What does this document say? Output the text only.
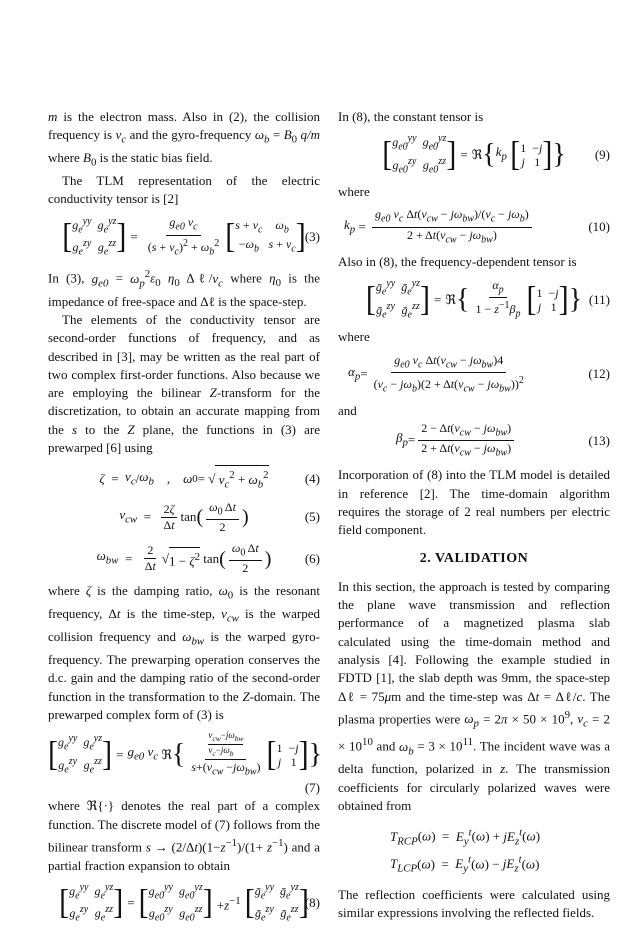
m is the electron mass. Also in (2), the collision frequency is $\nu_c$ and the gyro-frequency $\omega_b = B_0$ q/m where $B_0$ is the static bias field.

The TLM representation of the electric conductivity tensor is [2]

[ $g_e^{yy}$ $g_e^{yz}$
$g_e^{zy}$ $g_e^{zz}$ ] = $\frac{g_{e0} \nu_c}{(s + \nu_c)^2 + \omega_b^2}$ [ $s + \nu_c$	$\omega_b$
$-\omega_b$ $s + \nu_c$ ] (3)

In (3), $g_{e0} = \omega_p^2\varepsilon_0$ $\eta_0$ $\Delta\ell/\nu_c$ where $\eta_0$ is the impedance of free-space and Δℓ is the space-step.

The elements of the conductivity tensor are second-order functions of frequency, and as described in [3], may be written as the real part of two complex first-order functions. Also because we are employing the bilinear Z-transform for the discretization, to obtain an accurate mapping from the s to the Z plane, the functions in (3) are prewarped [6] using

$\zeta = \nu_c / \omega_b$ , ω 0 = √ $\nu_c^2 + \omega_b^2$	(4)
$\nu_{cw} = \frac{2\zeta}{\Delta t}$ tan ( $\frac{\omega_0 \Delta t}{2}$ )	(5)
$\omega_{bw} = \frac{2}{\Delta t}$ √ $1 - \zeta^2$ tan ( $\frac{\omega_0 \Delta t}{2}$ )	(6)

where ζ is the damping ratio, $\omega_0$ is the resonant frequency, Δt is the time-step, $\nu_{cw}$ is the warped collision frequency and $\omega_{bw}$ is the warped gyro-frequency. The prewarping operation conserves the d.c. gain and the damping ratio of the second-order function in the transformation to the Z-domain. The prewarped complex form of (3) is

[ $g_e^{yy}$ $g_e^{yz}$
$g_e^{zy}$ $g_e^{zz}$ ] = $g_{e0}$ $\nu_c$ ℜ { $\nu_{cw}-j\omega_{bw}$
$\nu_c-j\omega_b$
$s+(\nu_{cw} -j\omega_{bw})$ [ 1 −j
j 1 ] }
(7)

where ℜ{·} denotes the real part of a complex function. The discrete model of (7) follows from the bilinear transform $s \to (2/\Delta t)(1-z^{-1})/(1+ z^{-1})$ and a partial fraction expansion to obtain

[ $g_e^{yy}$ $g_e^{yz}$
$g_e^{zy}$ $g_e^{zz}$ ] = [ $g_{e0}^{yy}$ $g_{e0}^{yz}$
$g_{e0}^{zy}$ $g_{e0}^{zz}$ ] $+z^{-1}$ [ ḡ$_e^{yy}$ ḡ$_e^{yz}$
ḡ$_e^{zy}$ ḡ$_e^{zz}$ ]
(8)

In (8), the constant tensor is

[ $g_{e0}^{yy}$ $g_{e0}^{yz}$
$g_{e0}^{zy}$ $g_{e0}^{zz}$ ] = ℜ { $k_p$
[ 1 −j
j 1 ] } (9)

where

$k_p = \frac{g_{e0} \nu_c \Delta t(\nu_{cw} - j\omega_{bw})/(\nu_c - j\omega_b)}{2 + \Delta t(\nu_{cw} - j\omega_{bw})}$	(10)

Also in (8), the frequency-dependent tensor is

[ ḡ$_e^{yy}$ ḡ$_e^{yz}$
ḡ$_e^{zy}$ ḡ$_e^{zz}$ ] = ℜ { $\frac{\alpha_p}{1 - z^{-1}\beta_p}$ [ 1 −j
j 1 ] } (11)

where

$\alpha_p = \frac{g_{e0} \nu_c \Delta t(\nu_{cw} - j\omega_{bw})4}{(\nu_c - j\omega_b)(2 + \Delta t(\nu_{cw} - j\omega_{bw}))^2}$	(12)

and

$\beta_p = \frac{2 - \Delta t(\nu_{cw} - j\omega_{bw})}{2 + \Delta t(\nu_{cw} - j\omega_{bw})}$	(13)

Incorporation of (8) into the TLM model is detailed in reference [2]. The time-domain algorithm requires the storage of 2 real numbers per electric field component.

2. VALIDATION

In this section, the approach is tested by comparing the plane wave transmission and reflection performance of a magnetized plasma slab calculated using the time-domain method and analysis [4]. Following the example studied in FDTD [1], the slab depth was 9mm, the space-step Δℓ = 75μm and the time-step was Δt = Δℓ/c. The plasma properties were $\omega_p = 2\pi \times 50 \times 10^9$, $\nu_c = 2 \times 10^{10}$ and $\omega_b = 3 \times 10^{11}$. The incident wave was a delta function, polarized in z. The transmission coefficients for circularly polarized waves were obtained from

$T_{RCP}(\omega) = E_y^t(\omega) + jE_z^t(\omega)$
$T_{LCP}(\omega) = E_y^t(\omega) - jE_z^t(\omega)$

The reflection coefficients were calculated using similar expressions involving the reflected fields.
